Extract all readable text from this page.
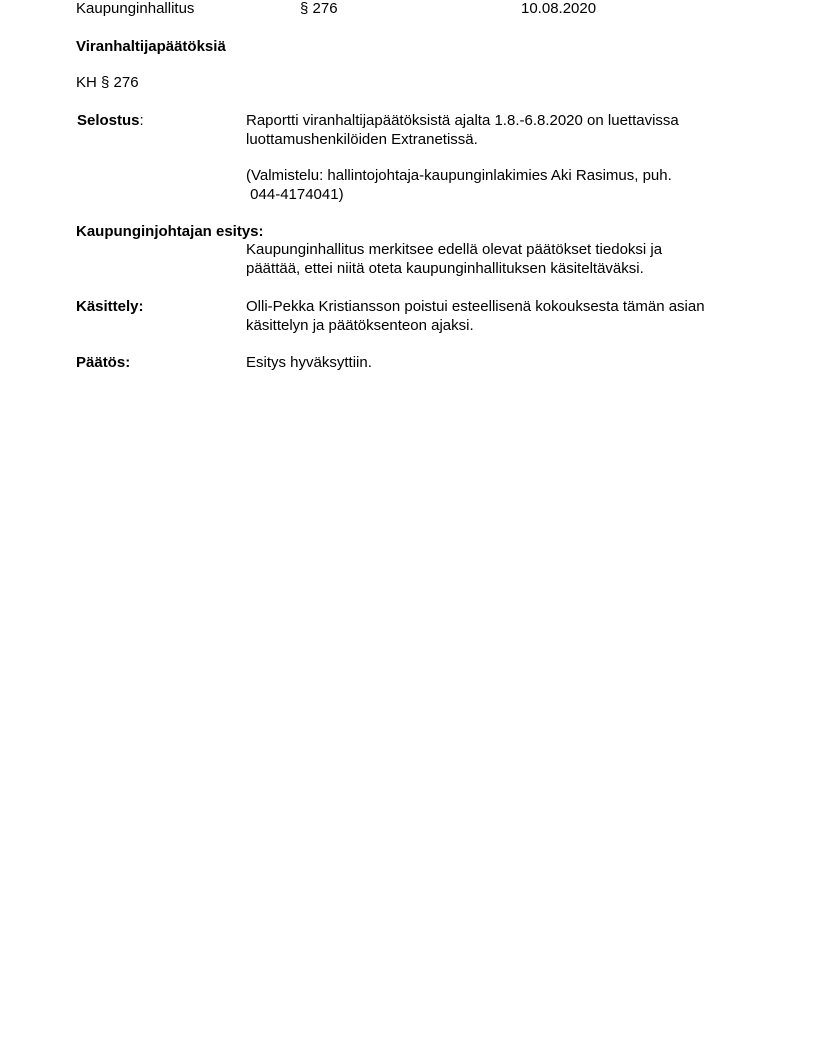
Kaupunginhallitus	§ 276	10.08.2020
Viranhaltijapäätöksiä
KH § 276
Selostus:	Raportti viranhaltijapäätöksistä ajalta 1.8.-6.8.2020 on luettavissa
luottamushenkilöiden Extranetissä.
(Valmistelu: hallintojohtaja-kaupunginlakimies Aki Rasimus, puh.
044-4174041)
Kaupunginjohtajan esitys:
Kaupunginhallitus merkitsee edellä olevat päätökset tiedoksi ja
päättää, ettei niitä oteta kaupunginhallituksen käsiteltäväksi.
Käsittely:	Olli-Pekka Kristiansson poistui esteellisenä kokouksesta tämän asian
käsittelyn ja päätöksenteon ajaksi.
Päätös:	Esitys hyväksyttiin.
